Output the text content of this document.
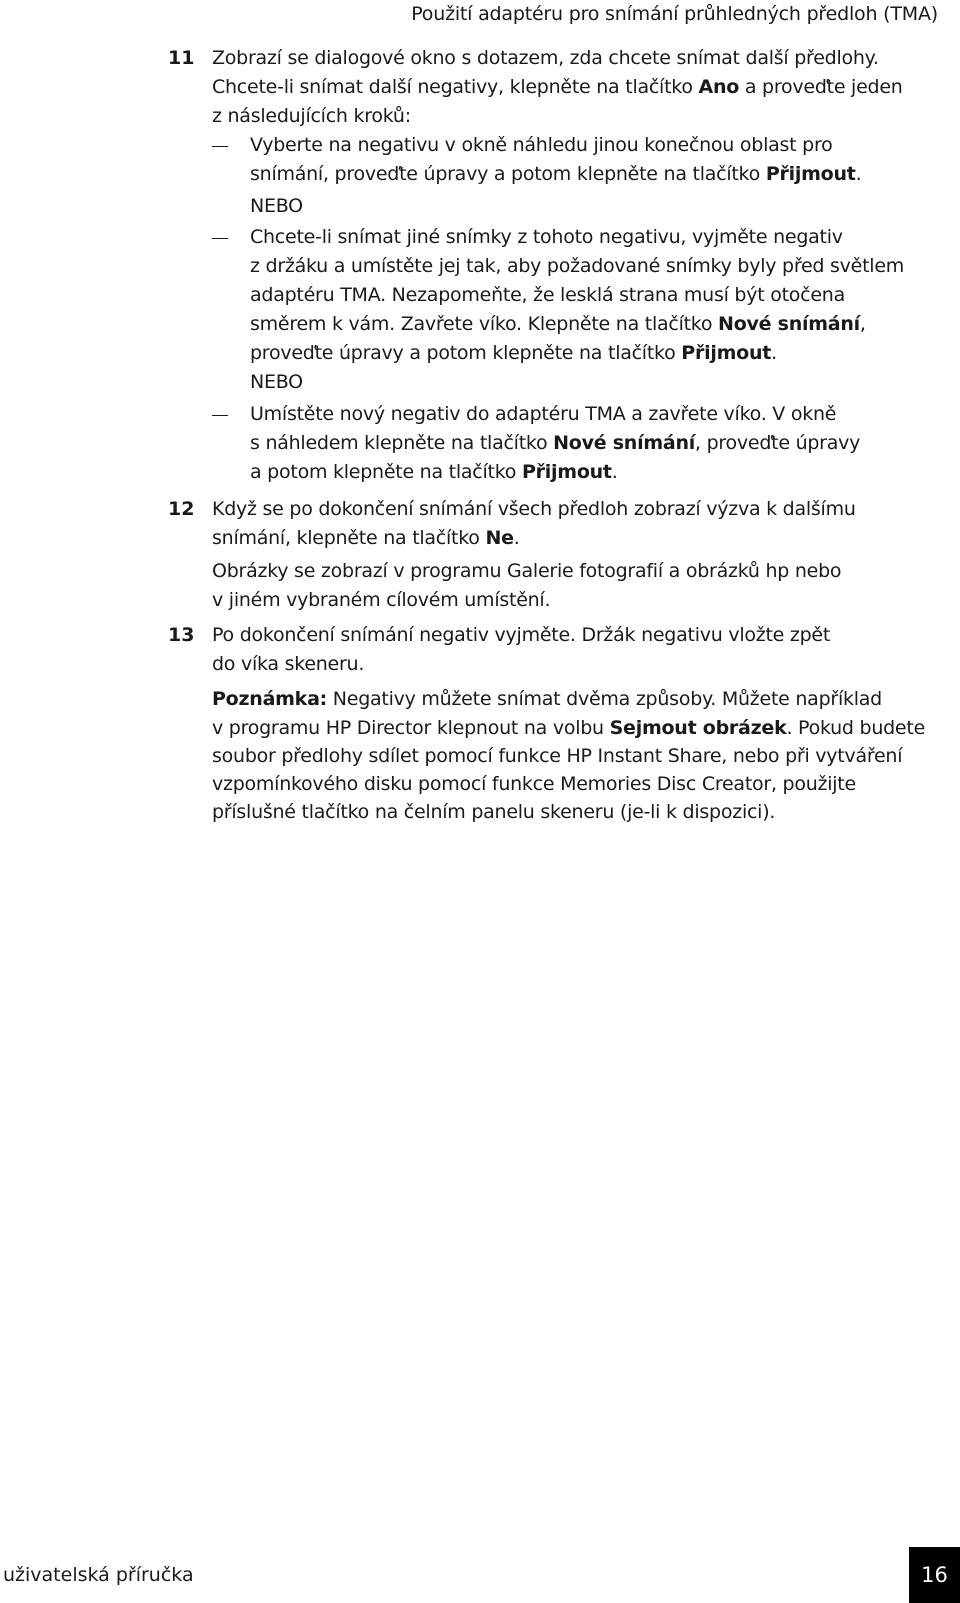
Použití adaptéru pro snímání průhledných předloh (TMA)
11 Zobrazí se dialogové okno s dotazem, zda chcete snímat další předlohy.
Chcete-li snímat další negativy, klepněte na tlačítko Ano a proveďte jeden
z následujících kroků:
Vyberte na negativu v okně náhledu jinou konečnou oblast pro
snímání, proveďte úpravy a potom klepněte na tlačítko Přijmout.
NEBO
Chcete-li snímat jiné snímky z tohoto negativu, vyjměte negativ
z držáku a umístěte jej tak, aby požadované snímky byly před světlem
adaptéru TMA. Nezapomeňte, že lesklá strana musí být otočena
směrem k vám. Zavřete víko. Klepněte na tlačítko Nové snímání,
proveďte úpravy a potom klepněte na tlačítko Přijmout.
NEBO
Umístěte nový negativ do adaptéru TMA a zavřete víko. V okně
s náhledem klepněte na tlačítko Nové snímání, proveďte úpravy
a potom klepněte na tlačítko Přijmout.
12 Když se po dokončení snímání všech předloh zobrazí výzva k dalšímu
snímání, klepněte na tlačítko Ne.
Obrázky se zobrazí v programu Galerie fotografií a obrázků hp nebo
v jiném vybraném cílovém umístění.
13 Po dokončení snímání negativ vyjměte. Držák negativu vložte zpět
do víka skeneru.
Poznámka: Negativy můžete snímat dvěma způsoby. Můžete například
v programu HP Director klepnout na volbu Sejmout obrázek. Pokud budete
soubor předlohy sdílet pomocí funkce HP Instant Share, nebo při vytváření
vzpomínkového disku pomocí funkce Memories Disc Creator, použijte
příslušné tlačítko na čelním panelu skeneru (je-li k dispozici).
uživatelská příručka	16
